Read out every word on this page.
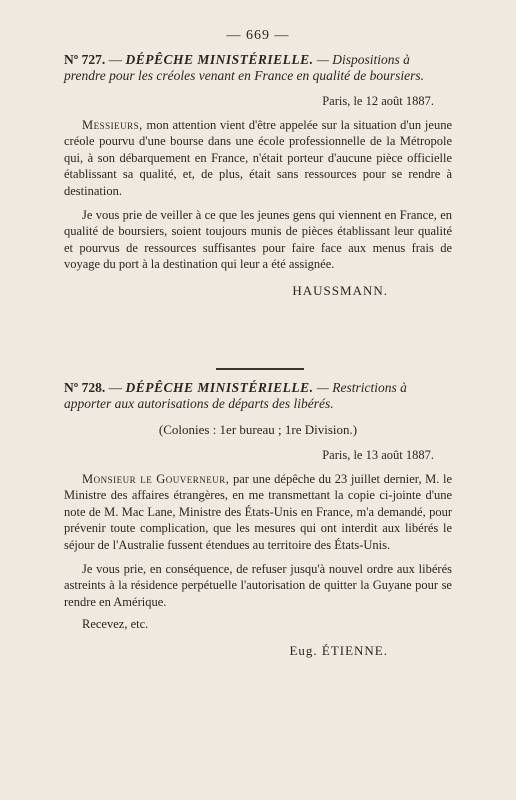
— 669 —
Nº 727. — DÉPÊCHE MINISTÉRIELLE. — Dispositions à prendre pour les créoles venant en France en qualité de boursiers.
Paris, le 12 août 1887.

Messieurs, mon attention vient d'être appelée sur la situation d'un jeune créole pourvu d'une bourse dans une école professionnelle de la Métropole qui, à son débarquement en France, n'était porteur d'aucune pièce officielle établissant sa qualité, et, de plus, était sans ressources pour se rendre à destination.

Je vous prie de veiller à ce que les jeunes gens qui viennent en France, en qualité de boursiers, soient toujours munis de pièces établissant leur qualité et pourvus de ressources suffisantes pour faire face aux menus frais de voyage du port à la destination qui leur a été assignée.

HAUSSMANN.
Nº 728. — DÉPÊCHE MINISTÉRIELLE. — Restrictions à apporter aux autorisations de départs des libérés.
(Colonies : 1er bureau ; 1re Division.)
Paris, le 13 août 1887.

Monsieur le Gouverneur, par une dépêche du 23 juillet dernier, M. le Ministre des affaires étrangères, en me transmettant la copie ci-jointe d'une note de M. Mac Lane, Ministre des États-Unis en France, m'a demandé, pour prévenir toute complication, que les mesures qui ont interdit aux libérés le séjour de l'Australie fussent étendues au territoire des États-Unis.

Je vous prie, en conséquence, de refuser jusqu'à nouvel ordre aux libérés astreints à la résidence perpétuelle l'autorisation de quitter la Guyane pour se rendre en Amérique.

Recevez, etc.

Eug. ÉTIENNE.
